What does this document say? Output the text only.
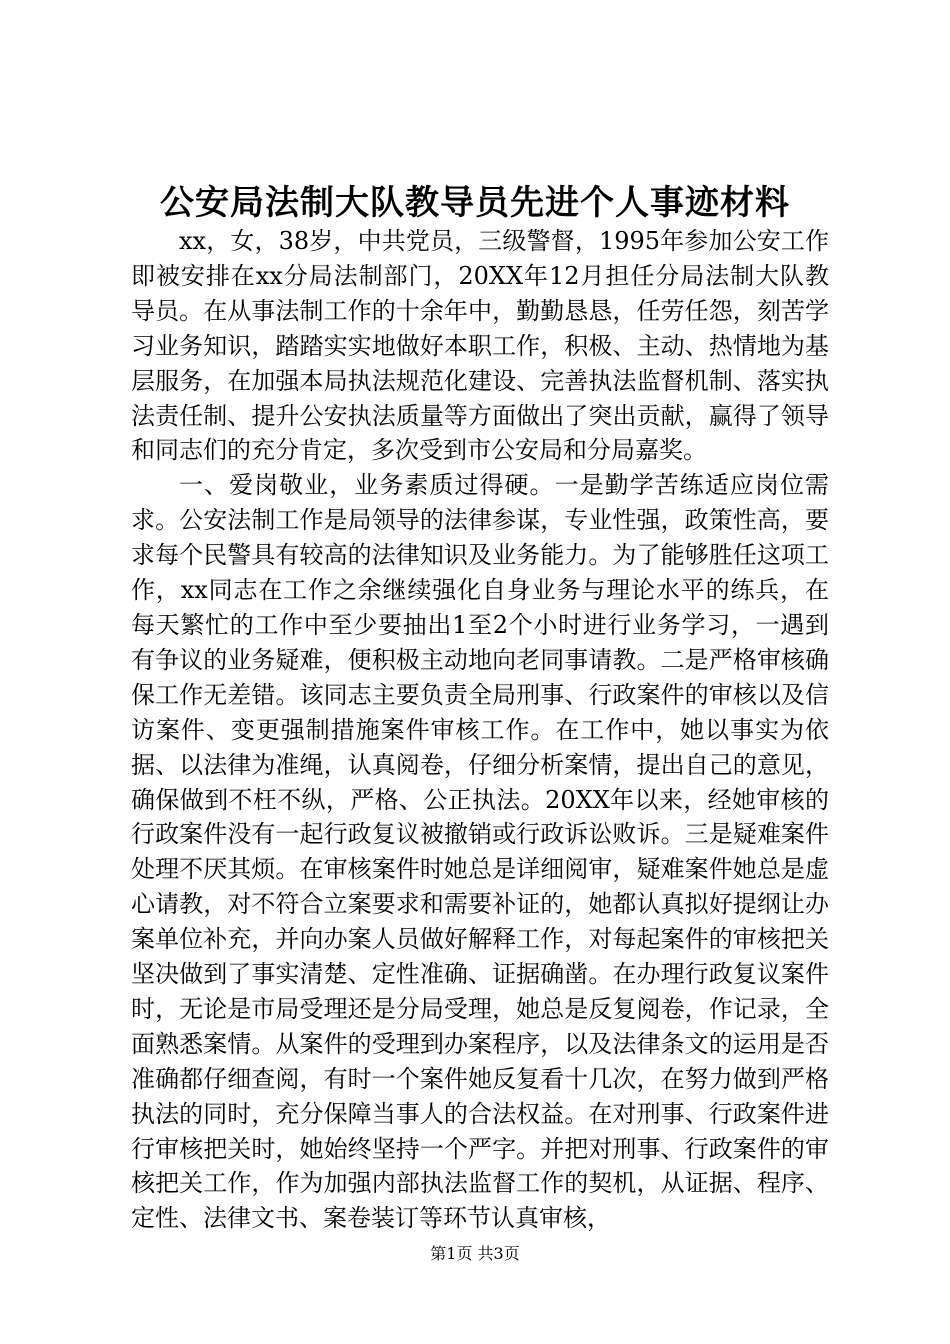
公安局法制大队教导员先进个人事迹材料

xx，女，38岁，中共党员，三级警督，1995年参加公安工作即被安排在xx分局法制部门，20XX年12月担任分局法制大队教导员。在从事法制工作的十余年中，勤勤恳恳，任劳任怨，刻苦学习业务知识，踏踏实实地做好本职工作，积极、主动、热情地为基层服务，在加强本局执法规范化建设、完善执法监督机制、落实执法责任制、提升公安执法质量等方面做出了突出贡献，赢得了领导和同志们的充分肯定，多次受到市公安局和分局嘉奖。

一、爱岗敬业，业务素质过得硬。一是勤学苦练适应岗位需求。公安法制工作是局领导的法律参谋，专业性强，政策性高，要求每个民警具有较高的法律知识及业务能力。为了能够胜任这项工作，xx同志在工作之余继续强化自身业务与理论水平的练兵，在每天繁忙的工作中至少要抽出1至2个小时进行业务学习，一遇到有争议的业务疑难，便积极主动地向老同事请教。二是严格审核确保工作无差错。该同志主要负责全局刑事、行政案件的审核以及信访案件、变更强制措施案件审核工作。在工作中，她以事实为依据、以法律为准绳，认真阅卷，仔细分析案情，提出自己的意见，确保做到不枉不纵，严格、公正执法。20XX年以来，经她审核的行政案件没有一起行政复议被撤销或行政诉讼败诉。三是疑难案件处理不厌其烦。在审核案件时她总是详细阅审，疑难案件她总是虚心请教，对不符合立案要求和需要补证的，她都认真拟好提纲让办案单位补充，并向办案人员做好解释工作，对每起案件的审核把关坚决做到了事实清楚、定性准确、证据确凿。在办理行政复议案件时，无论是市局受理还是分局受理，她总是反复阅卷，作记录，全面熟悉案情。从案件的受理到办案程序，以及法律条文的运用是否准确都仔细查阅，有时一个案件她反复看十几次，在努力做到严格执法的同时，充分保障当事人的合法权益。在对刑事、行政案件进行审核把关时，她始终坚持一个严字。并把对刑事、行政案件的审核把关工作，作为加强内部执法监督工作的契机，从证据、程序、定性、法律文书、案卷装订等环节认真审核，

第1页 共3页
